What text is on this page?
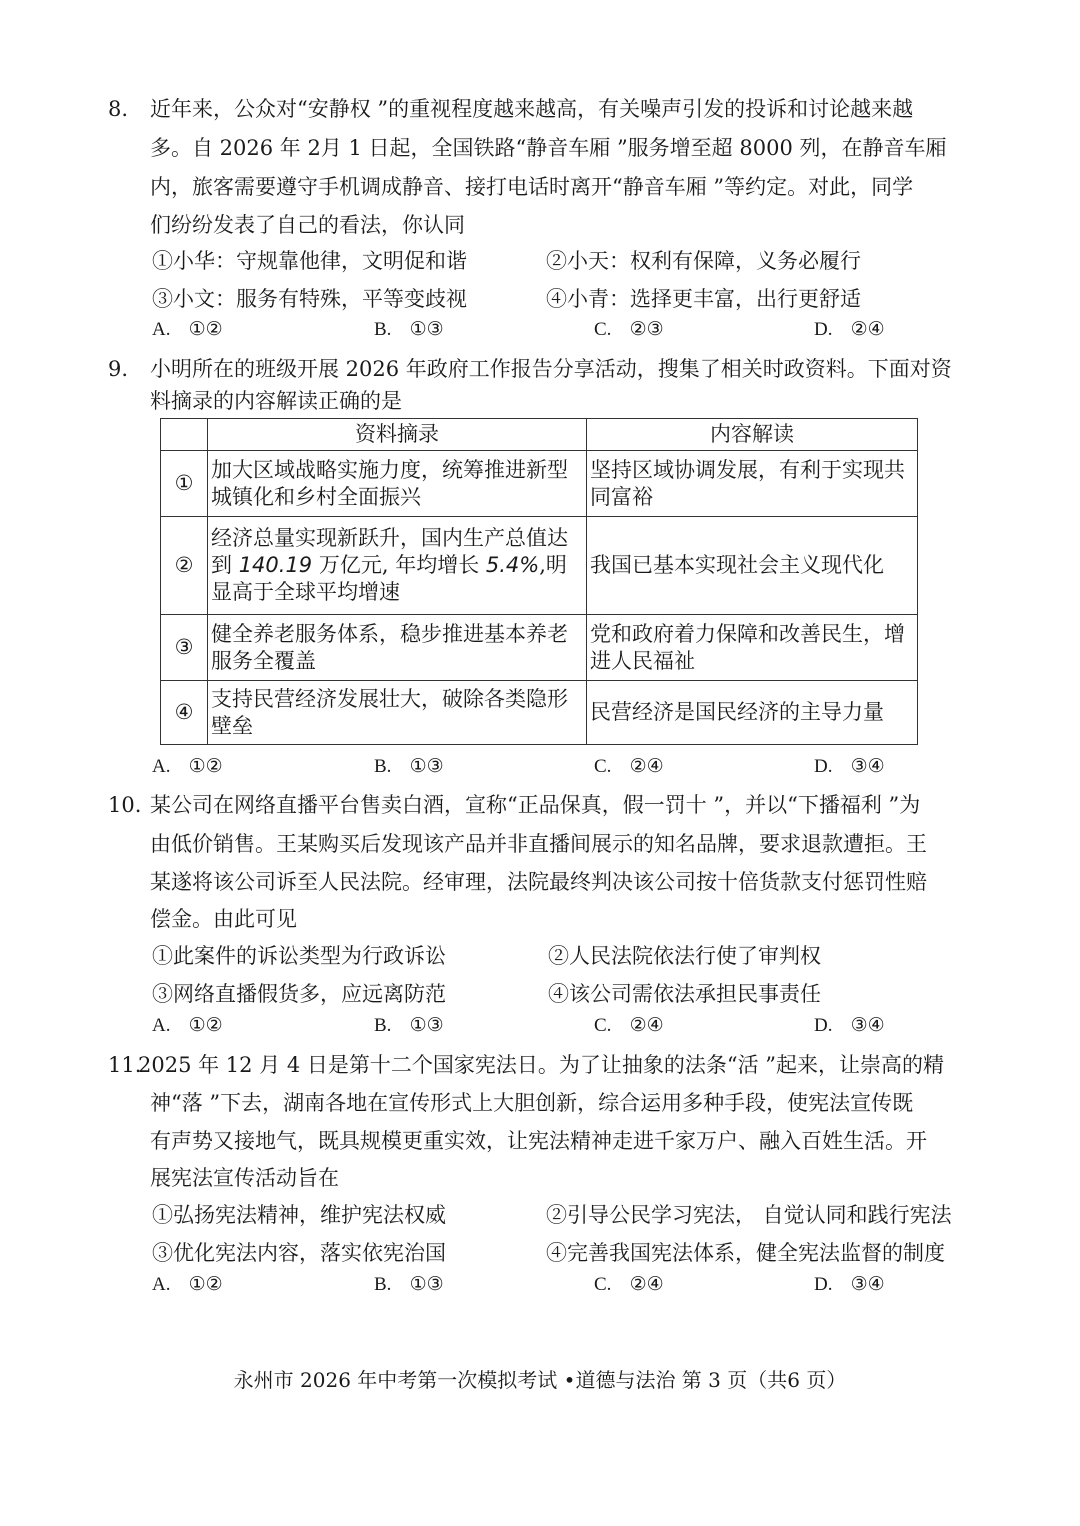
8. 近年来，公众对“安静权 ”的重视程度越来越高，有关噪声引发的投诉和讨论越来越
多。自 2026 年 2月 1 日起，全国铁路“静音车厢 ”服务增至超 8000 列，在静音车厢
内，旅客需要遵守手机调成静音、接打电话时离开“静音车厢 ”等约定。对此，同学
们纷纷发表了自己的看法，你认同
①小华：守规靠他律，文明促和谐	②小天：权利有保障，义务必履行
③小文：服务有特殊，平等变歧视	④小青：选择更丰富，出行更舒适
A. ①②	B. ①③	C. ②③	D. ②④
9. 小明所在的班级开展 2026 年政府工作报告分享活动，搜集了相关时政资料。下面对资
料摘录的内容解读正确的是
	资料摘录	内容解读
①	加大区域战略实施力度，统筹推进新型城镇化和乡村全面振兴	坚持区域协调发展，有利于实现共同富裕
②	经济总量实现新跃升，国内生产总值达到 140.19 万亿元, 年均增长 5.4%,明显高于全球平均增速	我国已基本实现社会主义现代化
③	健全养老服务体系，稳步推进基本养老服务全覆盖	党和政府着力保障和改善民生，增进人民福祉
④	支持民营经济发展壮大，破除各类隐形壁垒	民营经济是国民经济的主导力量
A. ①②	B. ①③	C. ②④	D. ③④
10. 某公司在网络直播平台售卖白酒，宣称“正品保真，假一罚十 ”，并以“下播福利 ”为
由低价销售。王某购买后发现该产品并非直播间展示的知名品牌，要求退款遭拒。王
某遂将该公司诉至人民法院。经审理，法院最终判决该公司按十倍货款支付惩罚性赔
偿金。由此可见
①此案件的诉讼类型为行政诉讼	②人民法院依法行使了审判权
③网络直播假货多，应远离防范	④该公司需依法承担民事责任
A. ①②	B. ①③	C. ②④	D. ③④
11.
2025 年 12 月 4 日是第十二个国家宪法日。为了让抽象的法条“活 ”起来，让崇高的精
神“落 ”下去，湖南各地在宣传形式上大胆创新，综合运用多种手段，使宪法宣传既
有声势又接地气，既具规模更重实效，让宪法精神走进千家万户、融入百姓生活。开
展宪法宣传活动旨在
①弘扬宪法精神，维护宪法权威	②引导公民学习宪法， 自觉认同和践行宪法
③优化宪法内容，落实依宪治国	④完善我国宪法体系，健全宪法监督的制度
A. ①②	B. ①③	C. ②④	D. ③④
永州市 2026 年中考第一次模拟考试 •道德与法治 第 3 页（共6 页）
